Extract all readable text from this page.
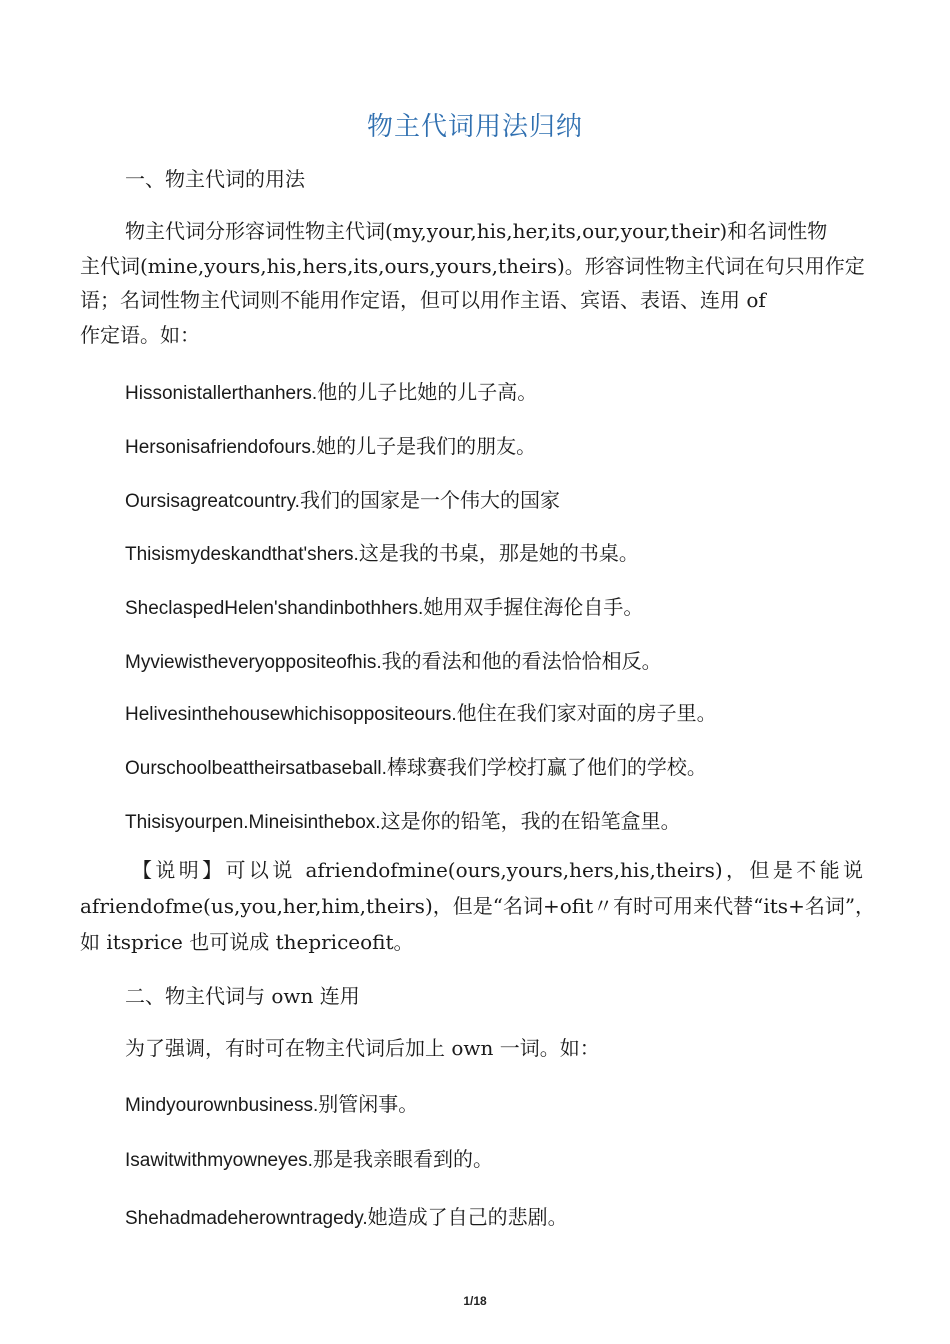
物主代词用法归纳
一、物主代词的用法
物主代词分形容词性物主代词(my,your,his,her,its,our,your,their)和名词性物
主代词(mine,yours,his,hers,its,ours,yours,theirs)。形容词性物主代词在句只用作定
语；名词性物主代词则不能用作定语，但可以用作主语、宾语、表语、连用 of
作定语。如：
Hissonistallerthanhers.他的儿子比她的儿子高。
Hersonisafriendofours.她的儿子是我们的朋友。
Oursisagreatcountry.我们的国家是一个伟大的国家
Thisismydeskandthat'shers.这是我的书桌，那是她的书桌。
SheclaspedHelen'shandinbothhers.她用双手握住海伦自手。
Myviewistheveryoppositeofhis.我的看法和他的看法恰恰相反。
Helivesinthehousewhichisoppositeours.他住在我们家对面的房子里。
Ourschoolbeattheirsatbaseball.棒球赛我们学校打赢了他们的学校。
Thisisyourpen.Mineisinthebox.这是你的铅笔，我的在铅笔盒里。
【说明】可以说 afriendofmine(ours,yours,hers,his,theirs)，但是不能说
afriendofme(us,you,her,him,theirs)，但是“名词+ofit〃有时可用来代替“its+名词”，
如 itsprice 也可说成 thepriceofit。
二、物主代词与 own 连用
为了强调，有时可在物主代词后加上 own 一词。如：
Mindyourownbusiness.别管闲事。
Isawitwithmyowneyes.那是我亲眼看到的。
Shehadmadeherowntragedy.她造成了自己的悲剧。
1/18
